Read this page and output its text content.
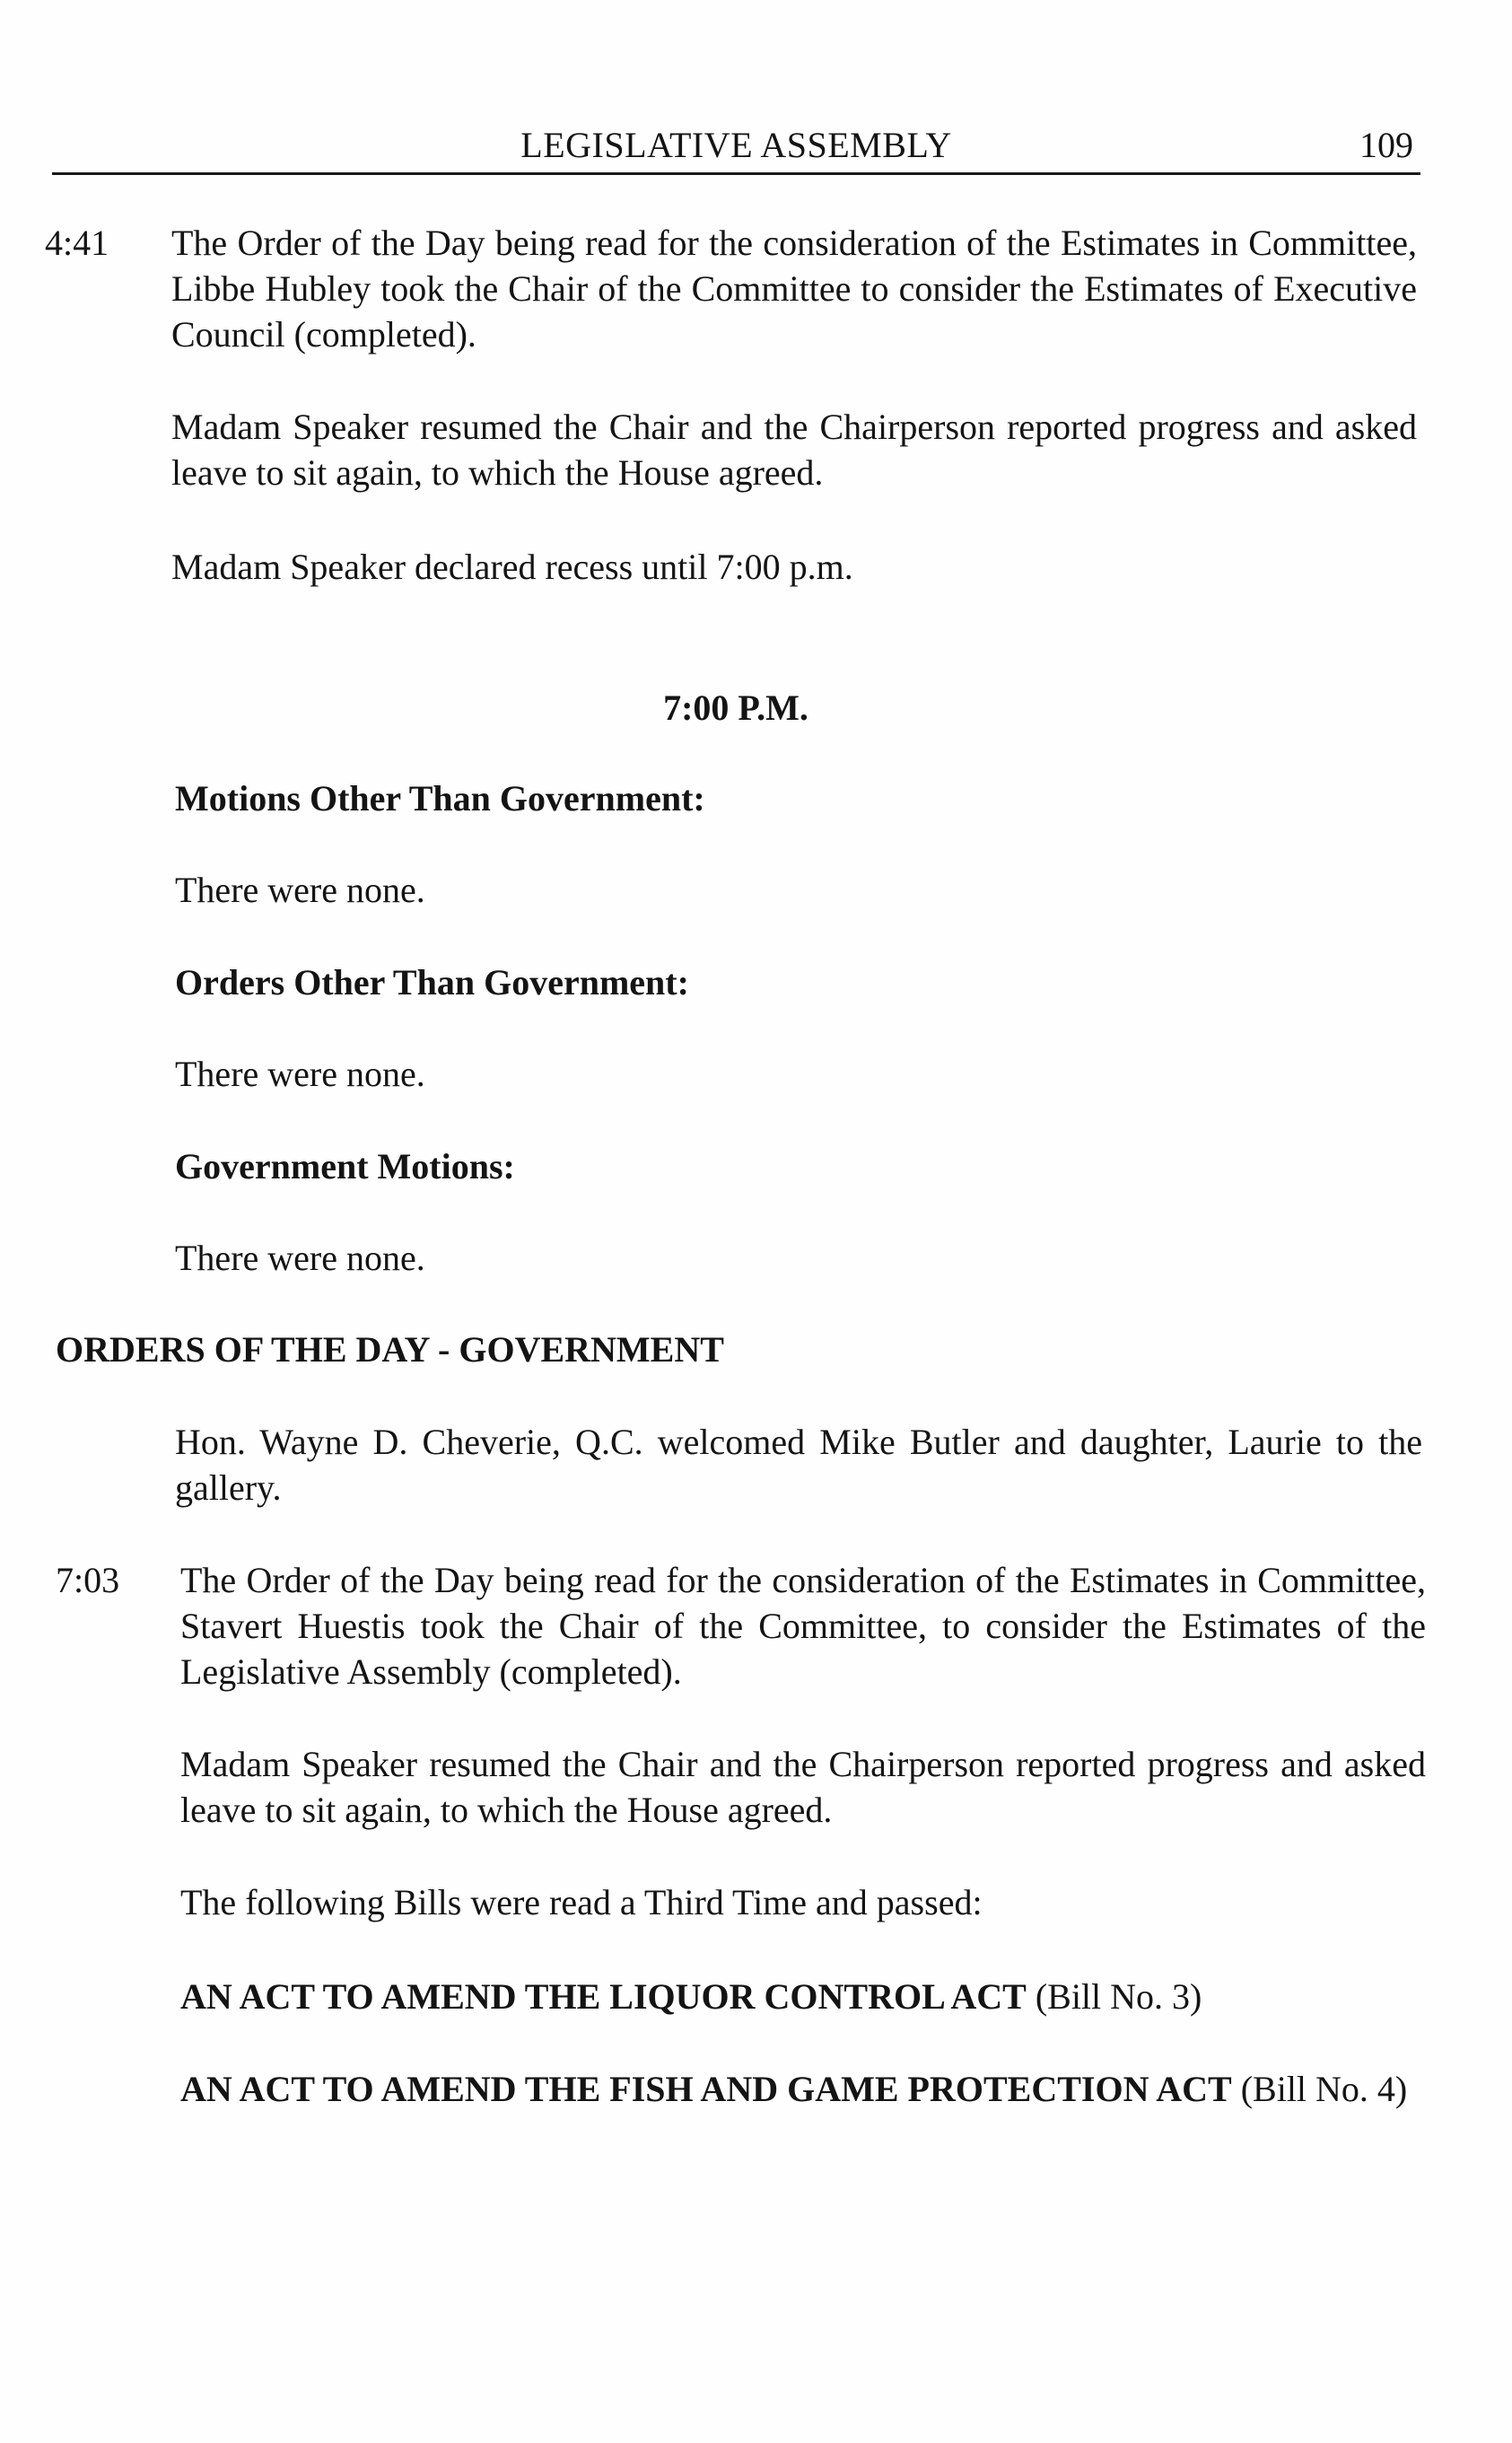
LEGISLATIVE ASSEMBLY	109
4:41 The Order of the Day being read for the consideration of the Estimates in Committee, Libbe Hubley took the Chair of the Committee to consider the Estimates of Executive Council (completed).

Madam Speaker resumed the Chair and the Chairperson reported progress and asked leave to sit again, to which the House agreed.

Madam Speaker declared recess until 7:00 p.m.

7:00 P.M.
Motions Other Than Government:
There were none.
Orders Other Than Government:
There were none.
Government Motions:
There were none.
ORDERS OF THE DAY - GOVERNMENT

Hon. Wayne D. Cheverie, Q.C. welcomed Mike Butler and daughter, Laurie to the gallery.

7:03 The Order of the Day being read for the consideration of the Estimates in Committee, Stavert Huestis took the Chair of the Committee, to consider the Estimates of the Legislative Assembly (completed).

Madam Speaker resumed the Chair and the Chairperson reported progress and asked leave to sit again, to which the House agreed.

The following Bills were read a Third Time and passed:

AN ACT TO AMEND THE LIQUOR CONTROL ACT (Bill No. 3)

AN ACT TO AMEND THE FISH AND GAME PROTECTION ACT (Bill No. 4)
